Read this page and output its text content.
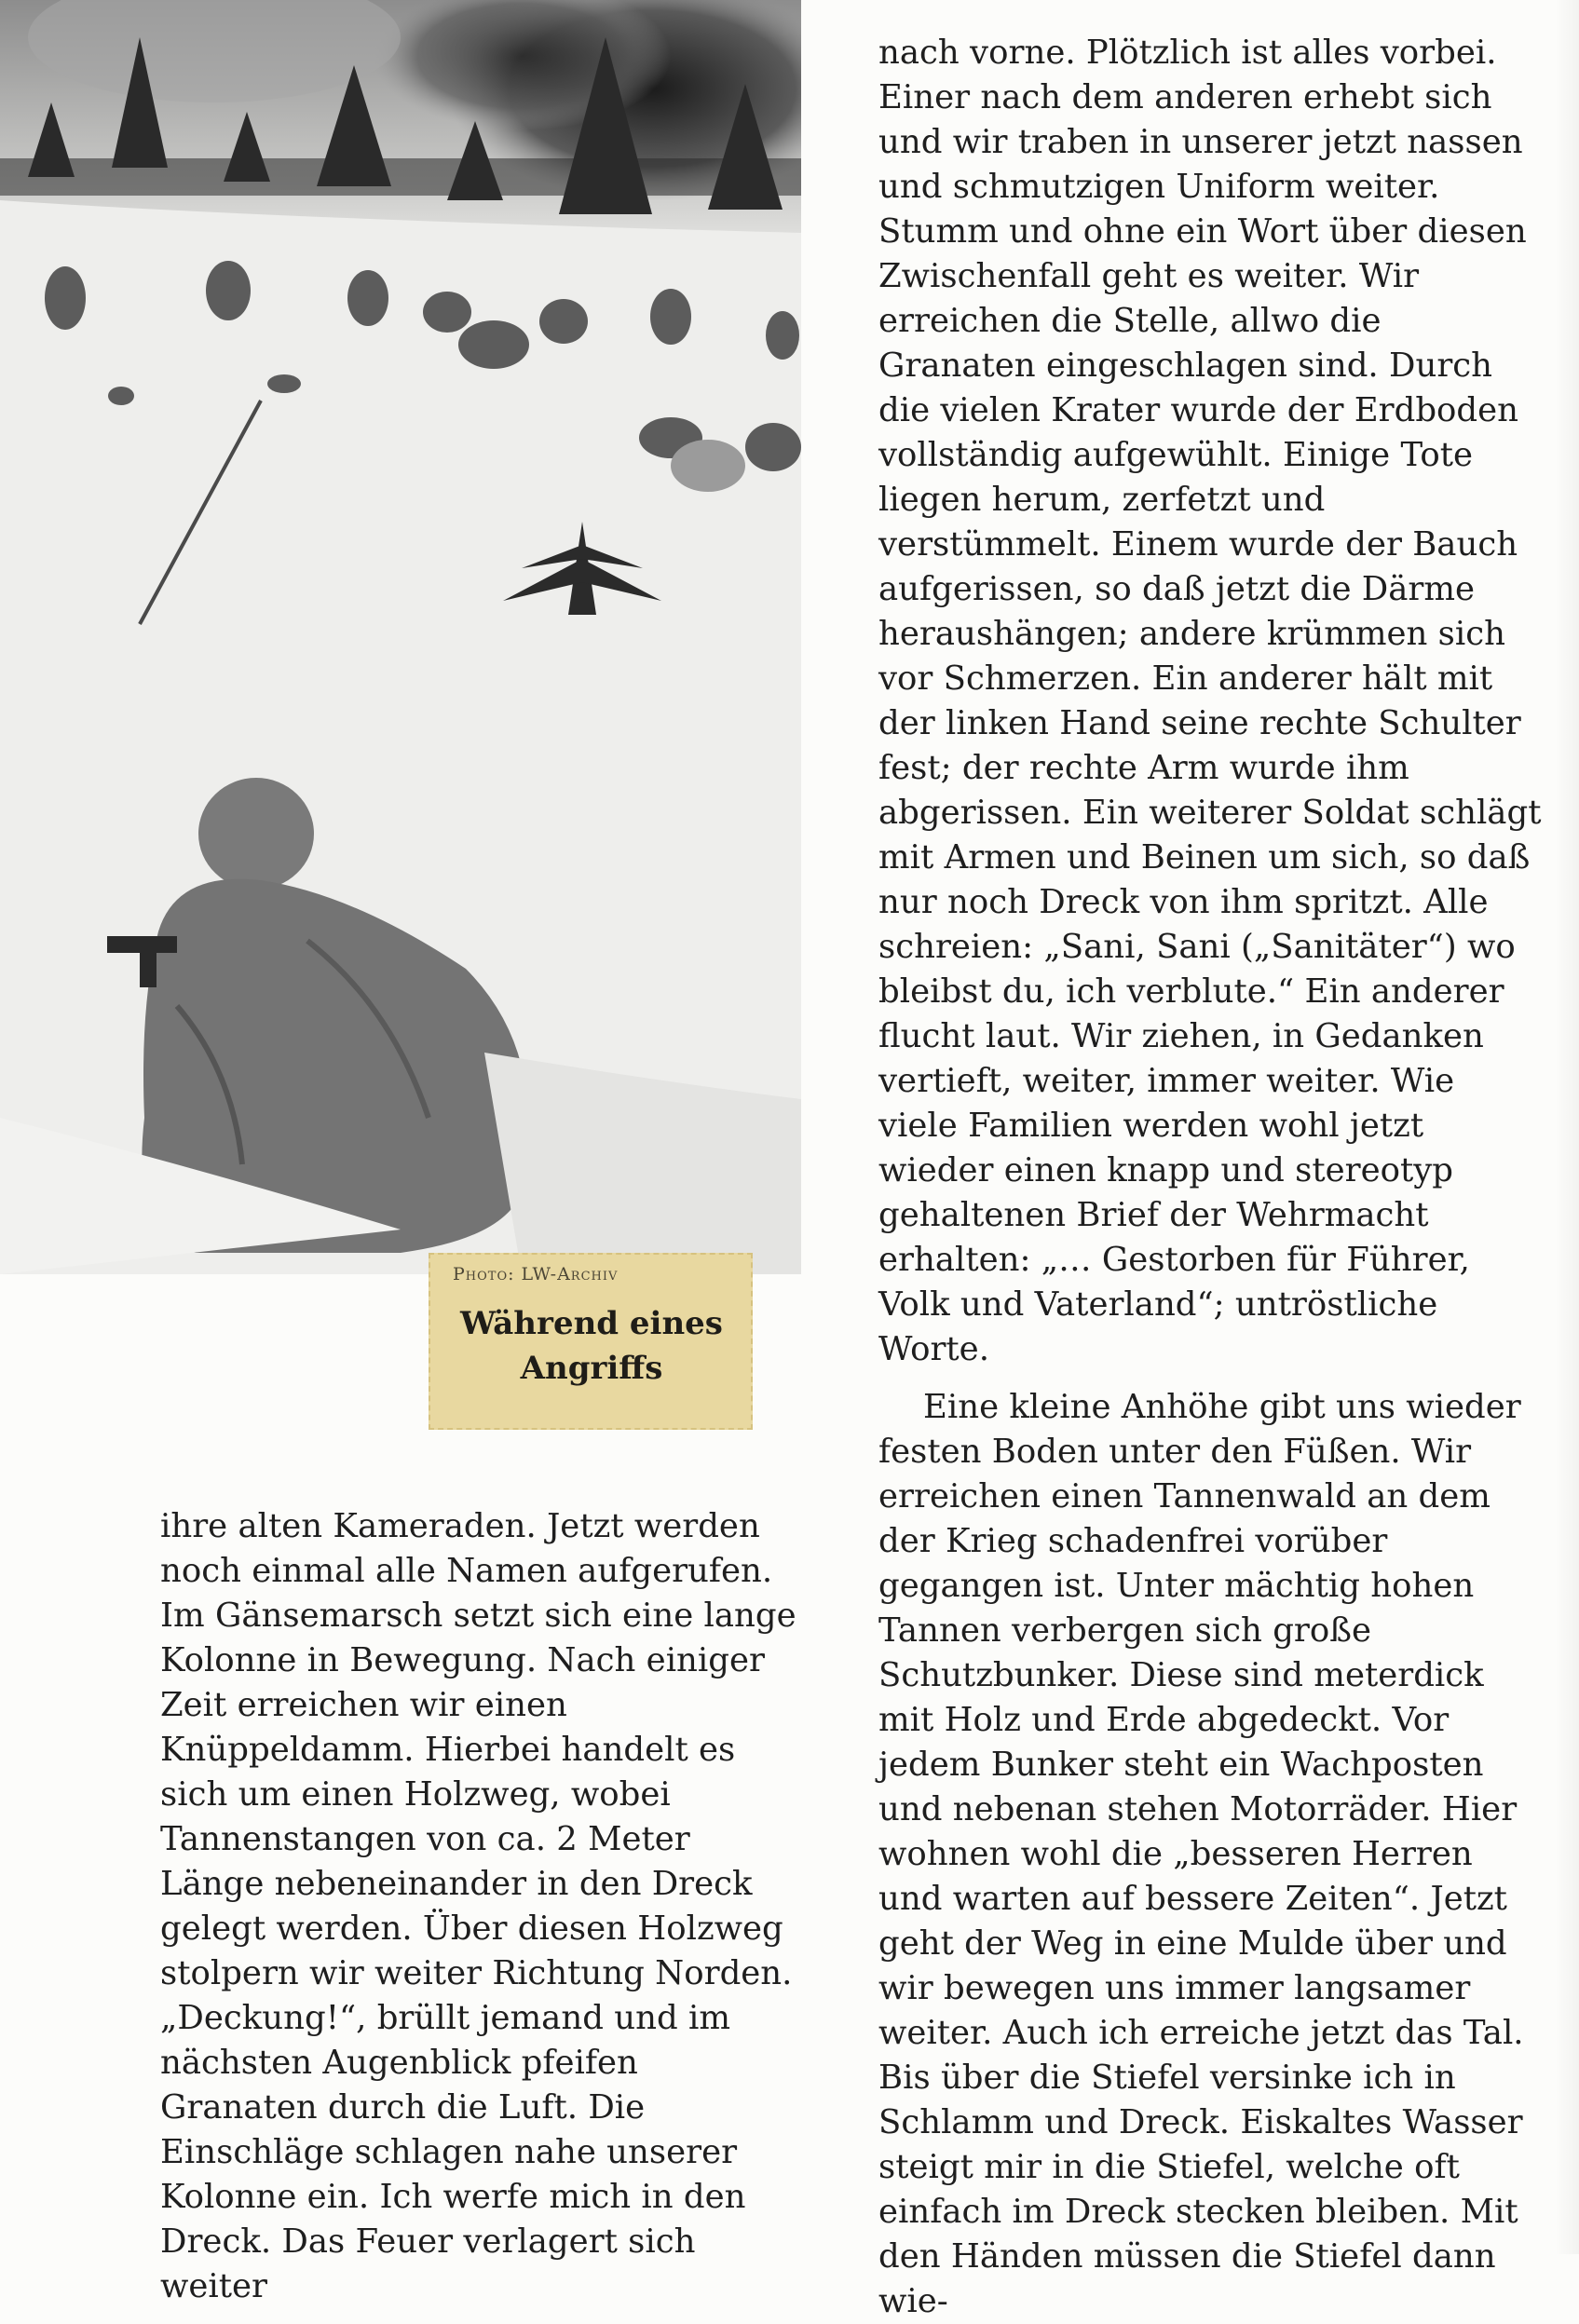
Photo: LW-Archiv
Während eines Angriffs

ihre alten Kameraden. Jetzt werden noch einmal alle Namen aufgerufen. Im Gänsemarsch setzt sich eine lange Kolonne in Bewegung. Nach einiger Zeit erreichen wir einen Knüppeldamm. Hierbei handelt es sich um einen Holzweg, wobei Tannenstangen von ca. 2 Meter Länge nebeneinander in den Dreck gelegt werden. Über diesen Holzweg stolpern wir weiter Richtung Norden. „Deckung!“, brüllt jemand und im nächsten Augenblick pfeifen Granaten durch die Luft. Die Einschläge schlagen nahe unserer Kolonne ein. Ich werfe mich in den Dreck. Das Feuer verlagert sich weiter

nach vorne. Plötzlich ist alles vorbei. Einer nach dem anderen erhebt sich und wir traben in unserer jetzt nassen und schmutzigen Uniform weiter. Stumm und ohne ein Wort über diesen Zwischenfall geht es weiter. Wir erreichen die Stelle, allwo die Granaten eingeschlagen sind. Durch die vielen Krater wurde der Erdboden vollständig aufgewühlt. Einige Tote liegen herum, zerfetzt und verstümmelt. Einem wurde der Bauch aufgerissen, so daß jetzt die Därme heraushängen; andere krümmen sich vor Schmerzen. Ein anderer hält mit der linken Hand seine rechte Schulter fest; der rechte Arm wurde ihm abgerissen. Ein weiterer Soldat schlägt mit Armen und Beinen um sich, so daß nur noch Dreck von ihm spritzt. Alle schreien: „Sani, Sani („Sanitäter“) wo bleibst du, ich verblute.“ Ein anderer flucht laut. Wir ziehen, in Gedanken vertieft, weiter, immer weiter. Wie viele Familien werden wohl jetzt wieder einen knapp und stereotyp gehaltenen Brief der Wehrmacht erhalten: „… Gestorben für Führer, Volk und Vaterland“; untröstliche Worte.

Eine kleine Anhöhe gibt uns wieder festen Boden unter den Füßen. Wir erreichen einen Tannenwald an dem der Krieg schadenfrei vorüber gegangen ist. Unter mächtig hohen Tannen verbergen sich große Schutzbunker. Diese sind meterdick mit Holz und Erde abgedeckt. Vor jedem Bunker steht ein Wachposten und nebenan stehen Motorräder. Hier wohnen wohl die „besseren Herren und warten auf bessere Zeiten“. Jetzt geht der Weg in eine Mulde über und wir bewegen uns immer langsamer weiter. Auch ich erreiche jetzt das Tal. Bis über die Stiefel versinke ich in Schlamm und Dreck. Eiskaltes Wasser steigt mir in die Stiefel, welche oft einfach im Dreck stecken bleiben. Mit den Händen müssen die Stiefel dann wie-
